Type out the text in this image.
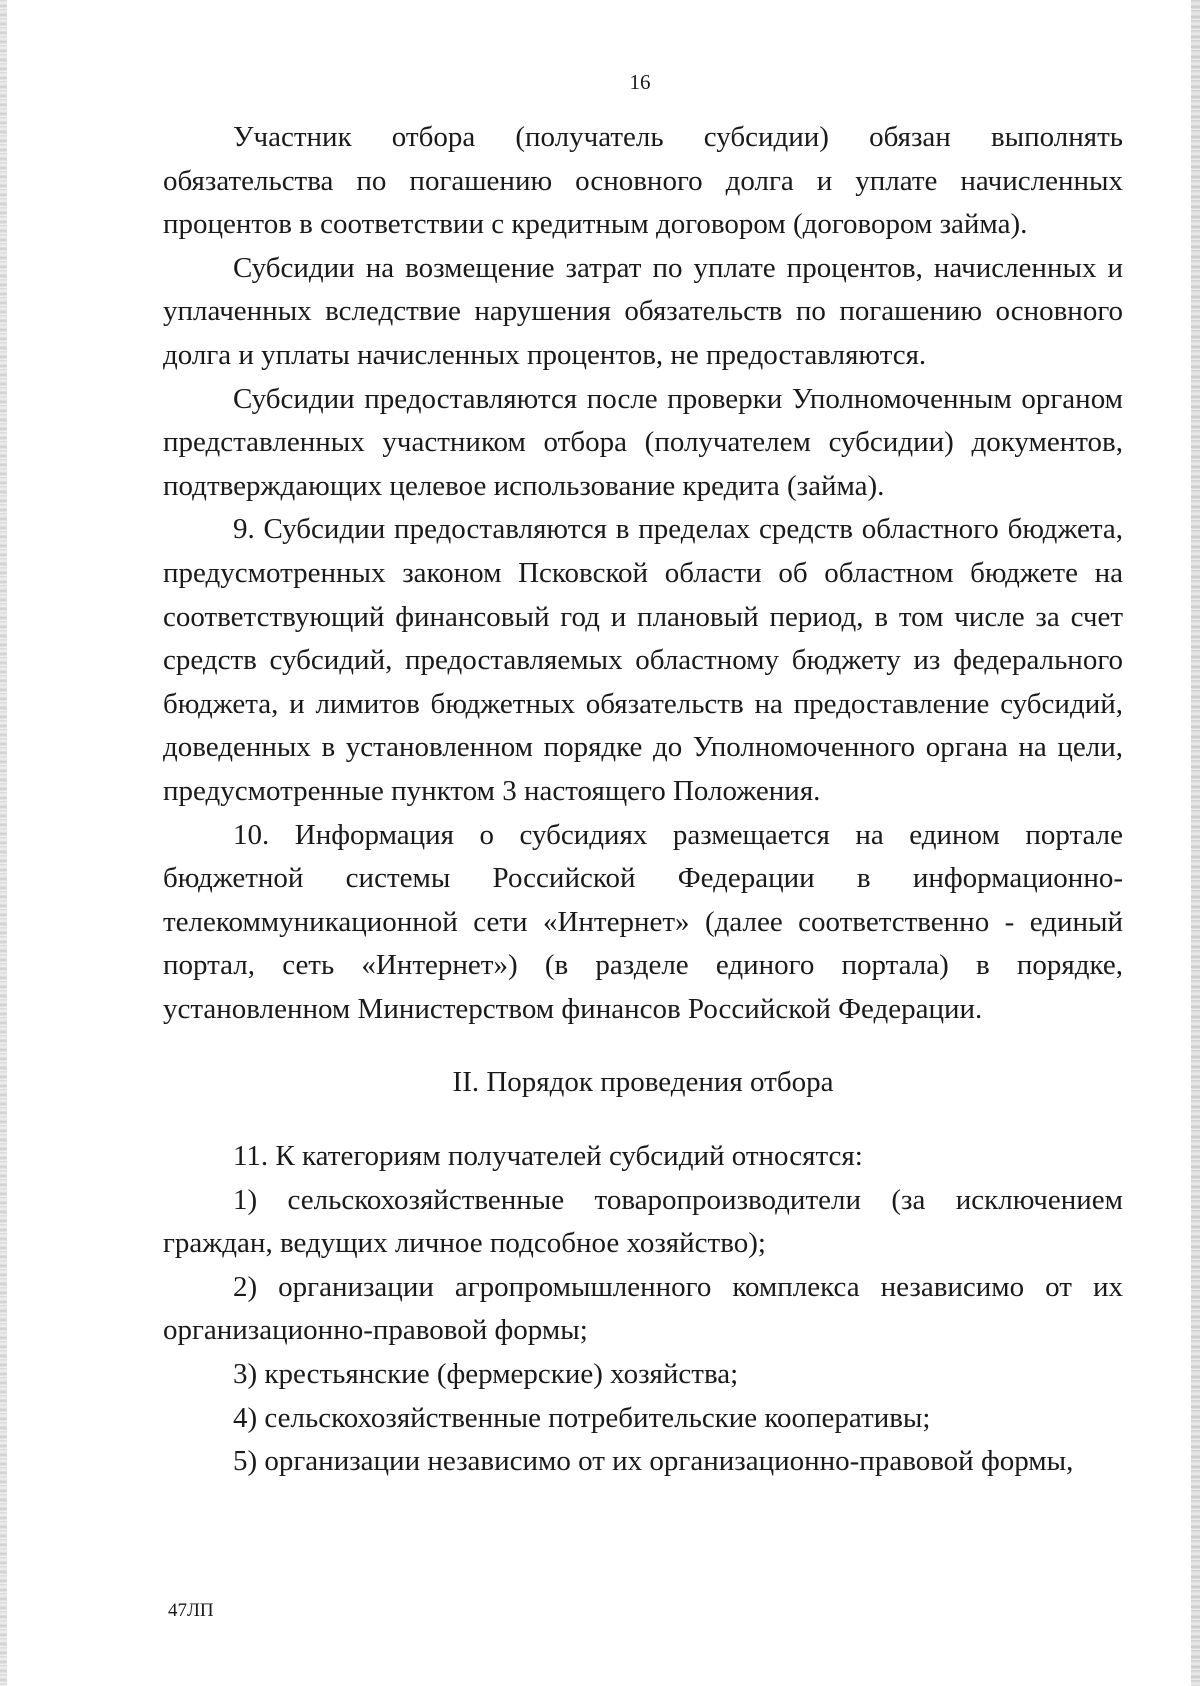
16

Участник отбора (получатель субсидии) обязан выполнять обязательства по погашению основного долга и уплате начисленных процентов в соответствии с кредитным договором (договором займа).

Субсидии на возмещение затрат по уплате процентов, начисленных и уплаченных вследствие нарушения обязательств по погашению основного долга и уплаты начисленных процентов, не предоставляются.

Субсидии предоставляются после проверки Уполномоченным органом представленных участником отбора (получателем субсидии) документов, подтверждающих целевое использование кредита (займа).

9. Субсидии предоставляются в пределах средств областного бюджета, предусмотренных законом Псковской области об областном бюджете на соответствующий финансовый год и плановый период, в том числе за счет средств субсидий, предоставляемых областному бюджету из федерального бюджета, и лимитов бюджетных обязательств на предоставление субсидий, доведенных в установленном порядке до Уполномоченного органа на цели, предусмотренные пунктом 3 настоящего Положения.

10. Информация о субсидиях размещается на едином портале бюджетной системы Российской Федерации в информационно-телекоммуникационной сети «Интернет» (далее соответственно - единый портал, сеть «Интернет») (в разделе единого портала) в порядке, установленном Министерством финансов Российской Федерации.

II. Порядок проведения отбора

11. К категориям получателей субсидий относятся:

1) сельскохозяйственные товаропроизводители (за исключением граждан, ведущих личное подсобное хозяйство);

2) организации агропромышленного комплекса независимо от их организационно-правовой формы;

3) крестьянские (фермерские) хозяйства;

4) сельскохозяйственные потребительские кооперативы;

5) организации независимо от их организационно-правовой формы,

47ЛП
